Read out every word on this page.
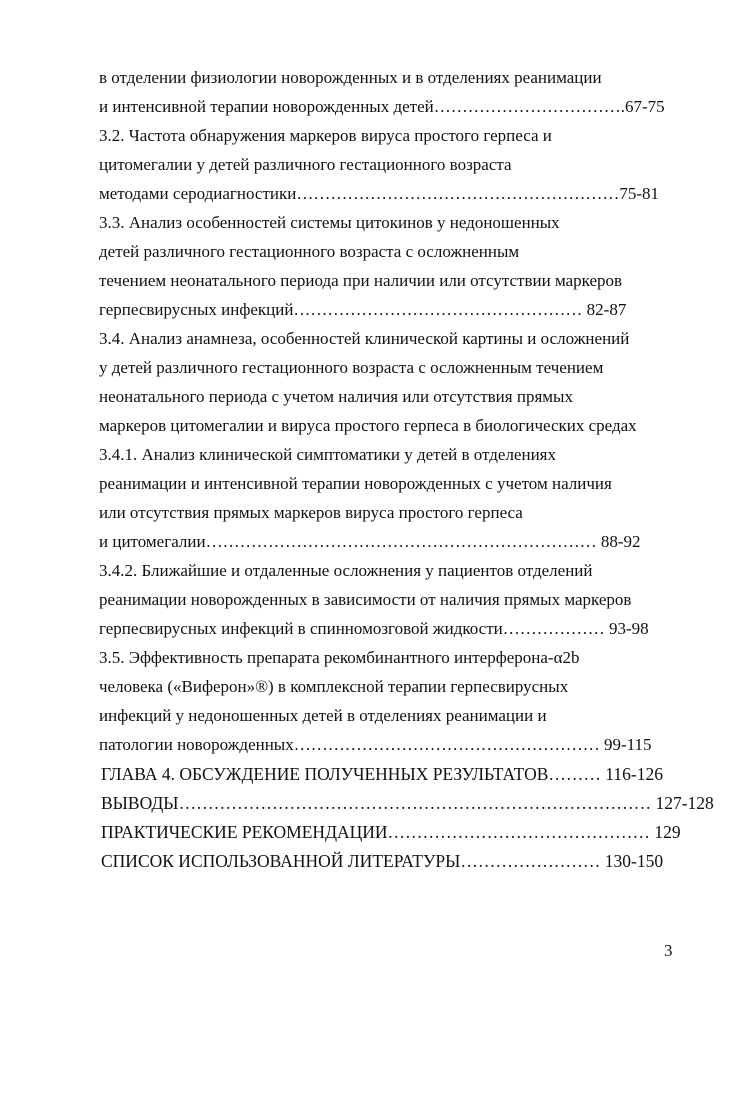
в отделении физиологии новорожденных и в отделениях реанимации
и интенсивной терапии новорожденных детей…………………………….67-75
3.2. Частота обнаружения маркеров вируса простого герпеса и
цитомегалии у детей различного гестационного возраста
методами серодиагностики…………………………………………………75-81
3.3. Анализ особенностей системы цитокинов у недоношенных
детей различного гестационного возраста с осложненным
течением неонатального периода при наличии или отсутствии маркеров
герпесвирусных инфекций…………………………………………… 82-87
3.4. Анализ анамнеза, особенностей клинической картины и осложнений
у детей различного гестационного возраста с осложненным течением
неонатального периода с учетом наличия или отсутствия прямых
маркеров цитомегалии и вируса простого герпеса в биологических средах
3.4.1. Анализ клинической симптоматики у детей в отделениях
реанимации и интенсивной терапии новорожденных с учетом наличия
или отсутствия прямых маркеров вируса простого герпеса
и цитомегалии…………………………………………………………… 88-92
3.4.2. Ближайшие и отдаленные осложнения у пациентов отделений
реанимации новорожденных в зависимости от наличия прямых маркеров
герпесвирусных инфекций в спинномозговой жидкости……………… 93-98
3.5. Эффективность препарата рекомбинантного интерферона-α2b
человека («Виферон»®) в комплексной терапии герпесвирусных
инфекций у недоношенных детей в отделениях реанимации и
патологии новорожденных……………………………………………… 99-115
ГЛАВА 4. ОБСУЖДЕНИЕ ПОЛУЧЕННЫХ РЕЗУЛЬТАТОВ……… 116-126
ВЫВОДЫ……………………………………………………………………… 127-128
ПРАКТИЧЕСКИЕ РЕКОМЕНДАЦИИ……………………………………… 129
СПИСОК ИСПОЛЬЗОВАННОЙ ЛИТЕРАТУРЫ…………………… 130-150
3
